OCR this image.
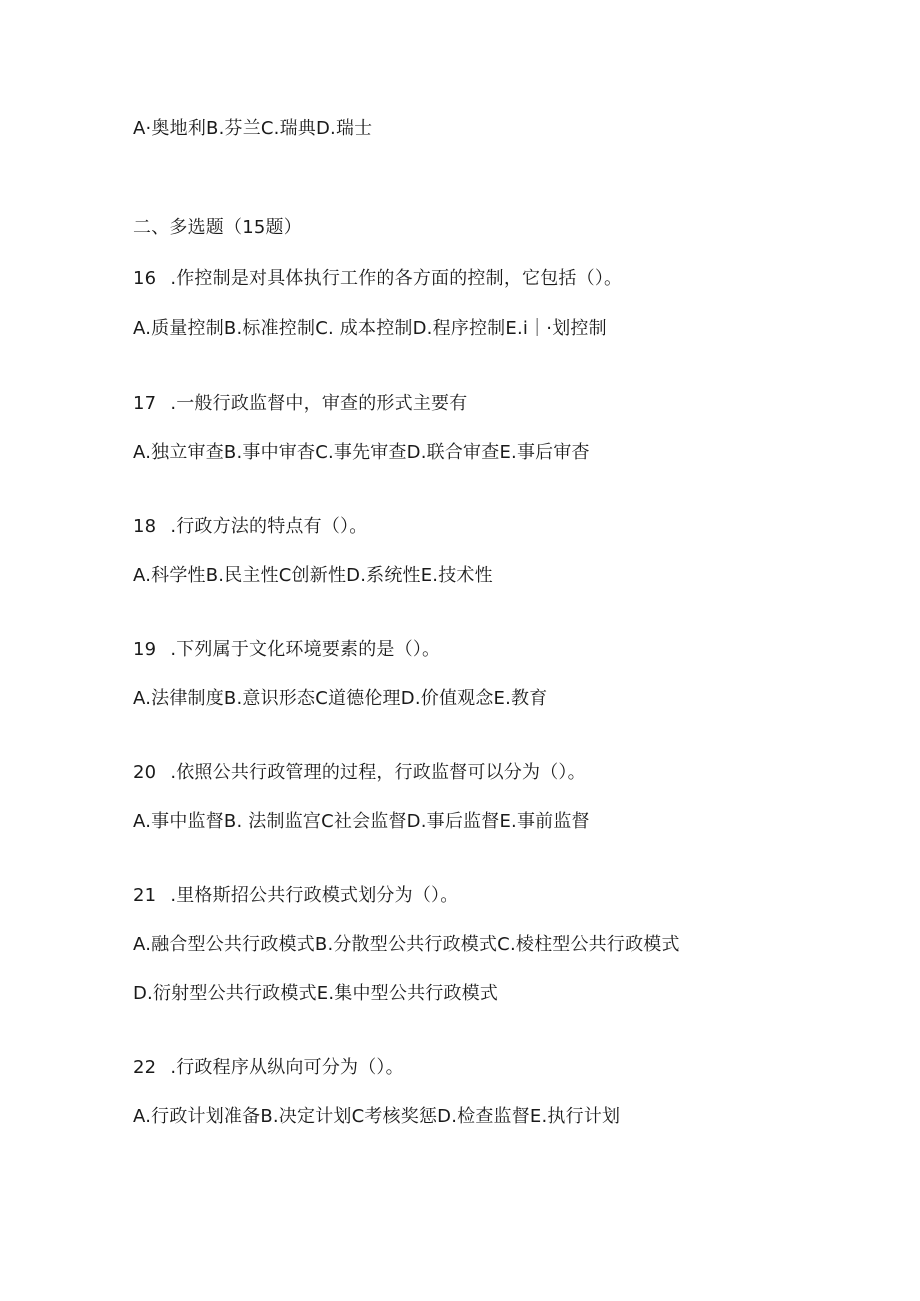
A·奥地利B.芬兰C.瑞典D.瑞士
二、多选题（15题）
16 .作控制是对具体执行工作的各方面的控制，它包括（）。
A.质量控制B.标准控制C. 成本控制D.程序控制E.i｜·划控制
17 .一般行政监督中，审查的形式主要有
A.独立审查B.事中审杳C.事先审查D.联合审查E.事后审杳
18 .行政方法的特点有（）。
A.科学性B.民主性C创新性D.系统性E.技术性
19 .下列属于文化环境要素的是（）。
A.法律制度B.意识形态C道德伦理D.价值观念E.教育
20 .依照公共行政管理的过程，行政监督可以分为（）。
A.事中监督B. 法制监宫C社会监督D.事后监督E.事前监督
21 .里格斯招公共行政模式划分为（）。
A.融合型公共行政模式B.分散型公共行政模式C.棱柱型公共行政模式
D.衍射型公共行政模式E.集中型公共行政模式
22 .行政程序从纵向可分为（）。
A.行政计划准备B.决定计划C考核奖惩D.检查监督E.执行计划
